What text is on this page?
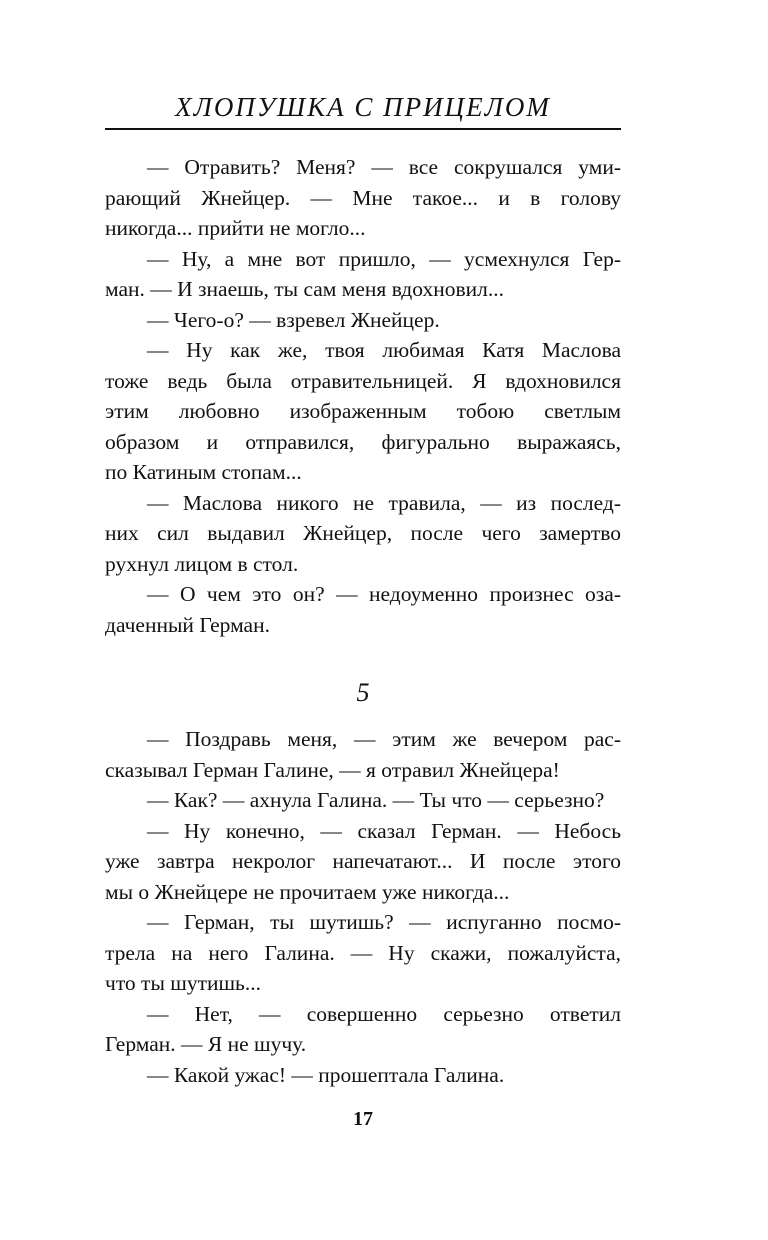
ХЛОПУШКА С ПРИЦЕЛОМ
— Отравить? Меня? — все сокрушался уми-
рающий Жнейцер. — Мне такое... и в голову
никогда... прийти не могло...
— Ну, а мне вот пришло, — усмехнулся Гер-
ман. — И знаешь, ты сам меня вдохновил...
— Чего-о? — взревел Жнейцер.
— Ну как же, твоя любимая Катя Маслова
тоже ведь была отравительницей. Я вдохновился
этим любовно изображенным тобою светлым
образом и отправился, фигурально выражаясь,
по Катиным стопам...
— Маслова никого не травила, — из послед-
них сил выдавил Жнейцер, после чего замертво
рухнул лицом в стол.
— О чем это он? — недоуменно произнес оза-
даченный Герман.
5
— Поздравь меня, — этим же вечером рас-
сказывал Герман Галине, — я отравил Жнейцера!
— Как? — ахнула Галина. — Ты что — серьезно?
— Ну конечно, — сказал Герман. — Небось
уже завтра некролог напечатают... И после этого
мы о Жнейцере не прочитаем уже никогда...
— Герман, ты шутишь? — испуганно посмо-
трела на него Галина. — Ну скажи, пожалуйста,
что ты шутишь...
— Нет, — совершенно серьезно ответил
Герман. — Я не шучу.
— Какой ужас! — прошептала Галина.
17
